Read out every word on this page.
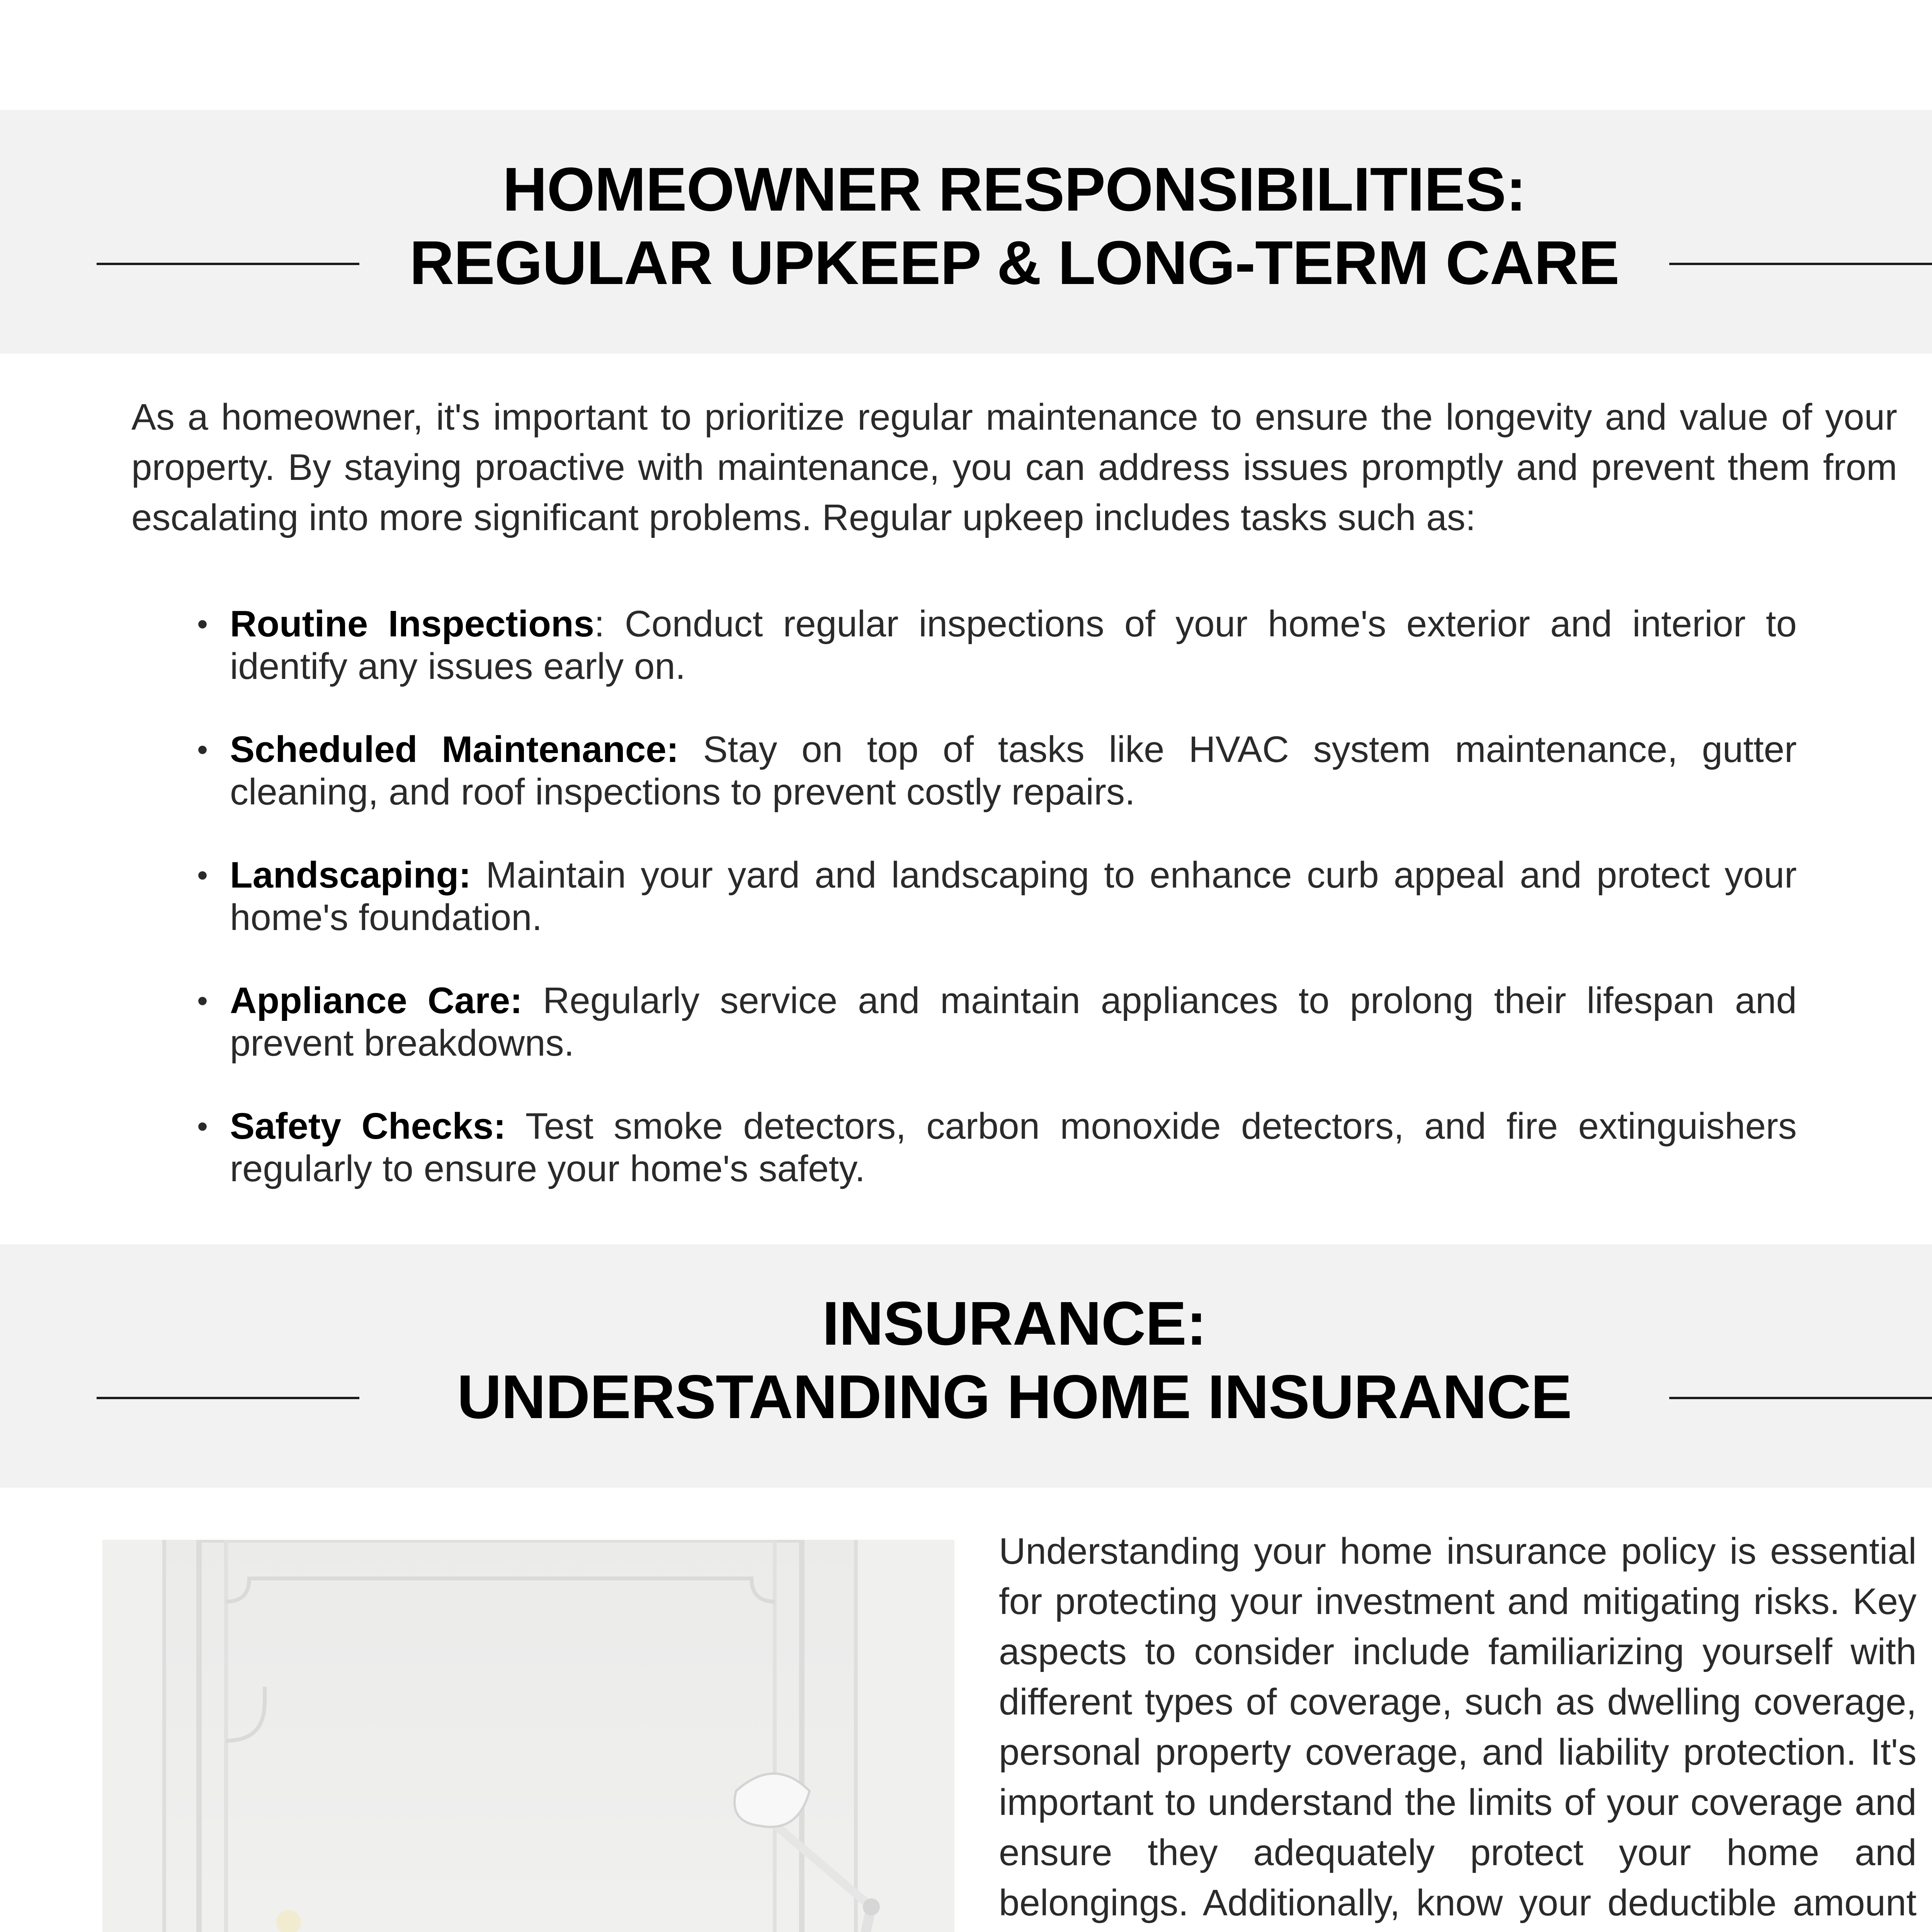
HOMEOWNER RESPONSIBILITIES:
REGULAR UPKEEP & LONG-TERM CARE

As a homeowner, it's important to prioritize regular maintenance to ensure the longevity and value of your property. By staying proactive with maintenance, you can address issues promptly and prevent them from escalating into more significant problems. Regular upkeep includes tasks such as:

• Routine Inspections: Conduct regular inspections of your home's exterior and interior to identify any issues early on.
• Scheduled Maintenance: Stay on top of tasks like HVAC system maintenance, gutter cleaning, and roof inspections to prevent costly repairs.
• Landscaping: Maintain your yard and landscaping to enhance curb appeal and protect your home's foundation.
• Appliance Care: Regularly service and maintain appliances to prolong their lifespan and prevent breakdowns.
• Safety Checks: Test smoke detectors, carbon monoxide detectors, and fire extinguishers regularly to ensure your home's safety.
INSURANCE:
UNDERSTANDING HOME INSURANCE

Understanding your home insurance policy is essential for protecting your investment and mitigating risks. Key aspects to consider include familiarizing yourself with different types of coverage, such as dwelling coverage, personal property coverage, and liability protection. It's important to understand the limits of your coverage and ensure they adequately protect your home and belongings. Additionally, know your deductible amount
